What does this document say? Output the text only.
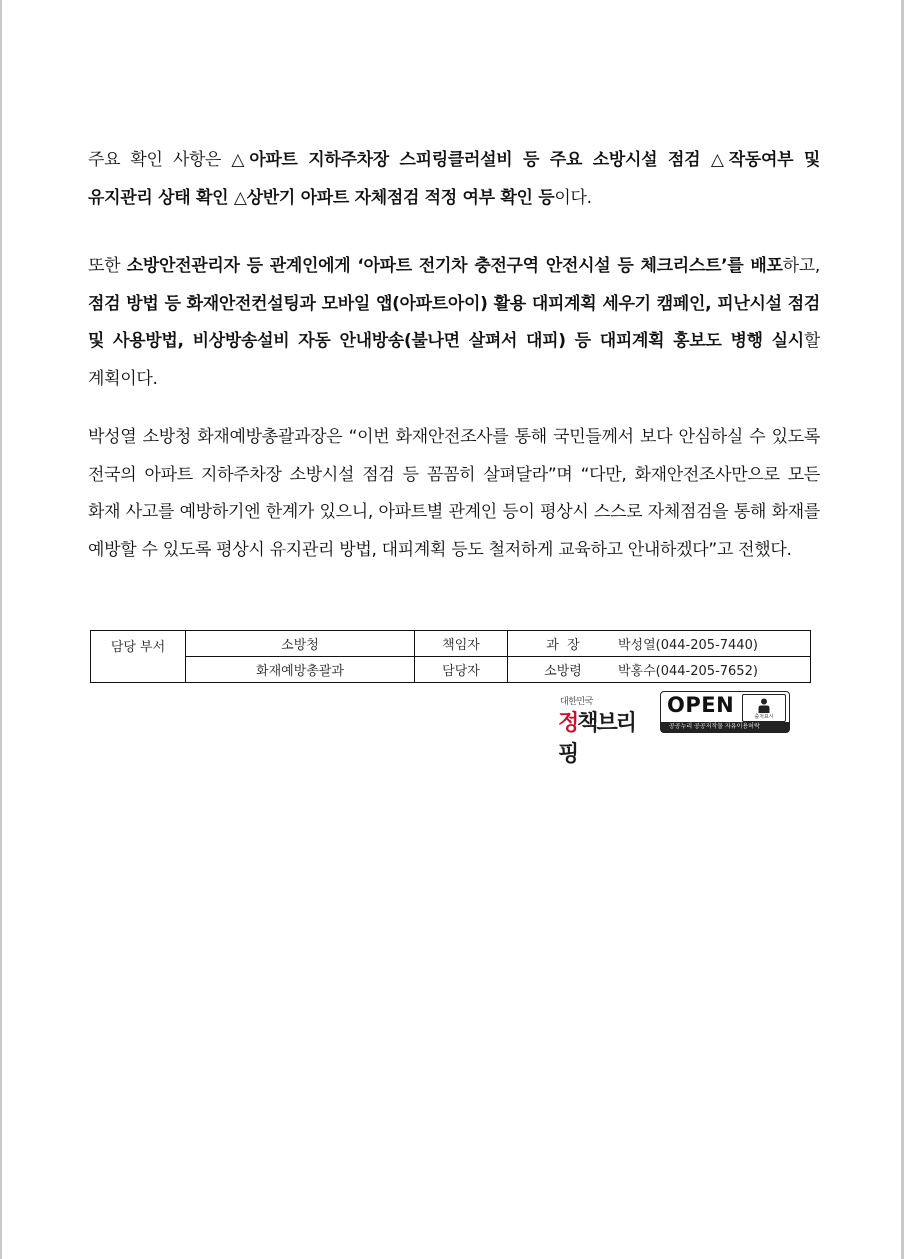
주요 확인 사항은 △아파트 지하주차장 스피링클러설비 등 주요 소방시설 점검 △작동여부 및 유지관리 상태 확인 △상반기 아파트 자체점검 적정 여부 확인 등이다.

또한 소방안전관리자 등 관계인에게 ‘아파트 전기차 충전구역 안전시설 등 체크리스트’를 배포하고, 점검 방법 등 화재안전컨설팅과 모바일 앱(아파트아이) 활용 대피계획 세우기 캠페인, 피난시설 점검 및 사용방법, 비상방송설비 자동 안내방송(불나면 살펴서 대피) 등 대피계획 홍보도 병행 실시할 계획이다.

박성열 소방청 화재예방총괄과장은 “이번 화재안전조사를 통해 국민들께서 보다 안심하실 수 있도록 전국의 아파트 지하주차장 소방시설 점검 등 꼼꼼히 살펴달라”며 “다만, 화재안전조사만으로 모든 화재 사고를 예방하기엔 한계가 있으니, 아파트별 관계인 등이 평상시 스스로 자체점검을 통해 화재를 예방할 수 있도록 평상시 유지관리 방법, 대피계획 등도 철저하게 교육하고 안내하겠다”고 전했다.

담당 부서	소방청	책임자	과  장 박성열(044-205-7440)
	화재예방총괄과	담당자	소방령 박홍수(044-205-7652)
대한민국
정책브리핑
OPEN	출처표시
공공누리 공공저작물 자유이용허락
